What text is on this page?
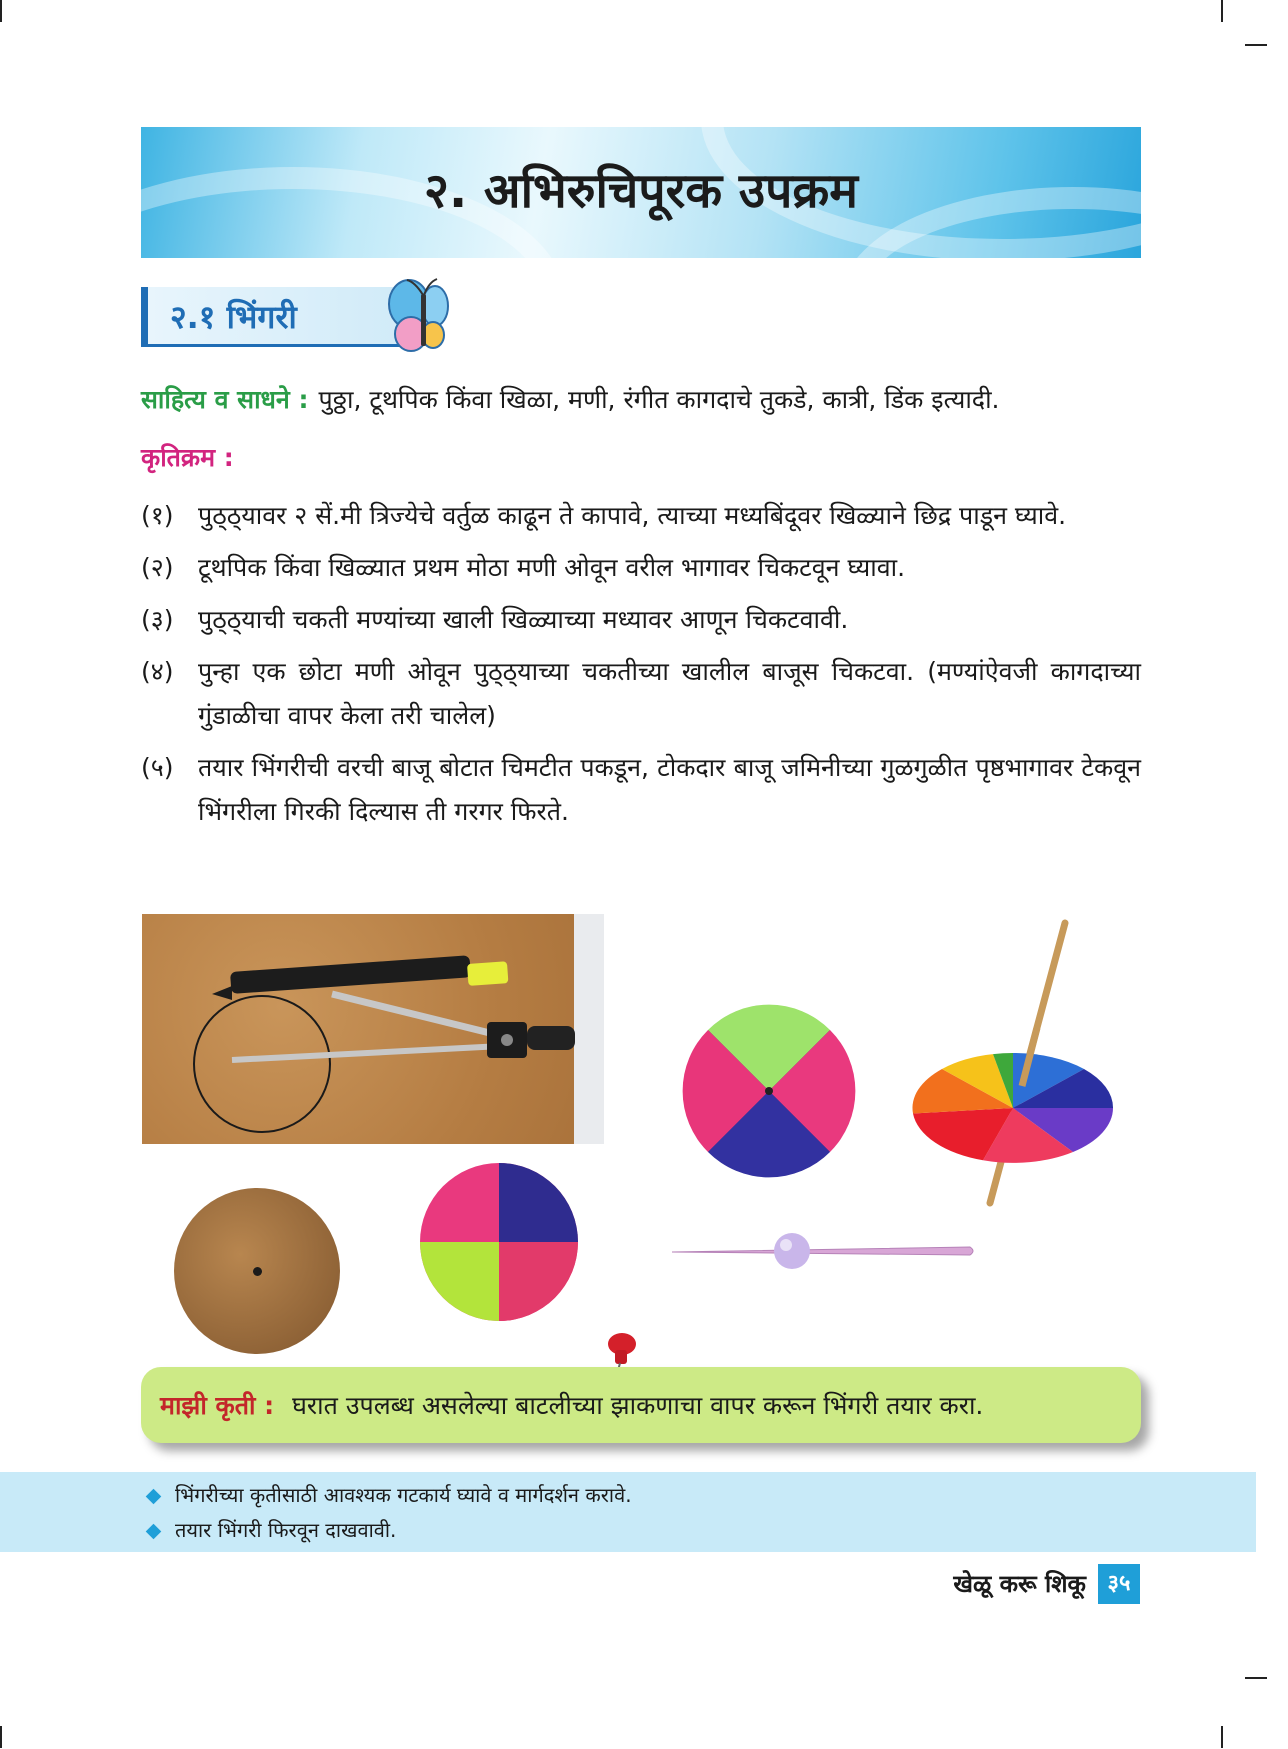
२. अभिरुचिपूरक उपक्रम
२.१ भिंगरी
साहित्य व साधने : पुठ्ठा, टूथपिक किंवा खिळा, मणी, रंगीत कागदाचे तुकडे, कात्री, डिंक इत्यादी.
कृतिक्रम :
(१) पुठ्ठ्यावर २ सें.मी त्रिज्येचे वर्तुळ काढून ते कापावे, त्याच्या मध्यबिंदूवर खिळ्याने छिद्र पाडून घ्यावे.
(२) टूथपिक किंवा खिळ्यात प्रथम मोठा मणी ओवून वरील भागावर चिकटवून घ्यावा.
(३) पुठ्ठ्याची चकती मण्यांच्या खाली खिळ्याच्या मध्यावर आणून चिकटवावी.
(४) पुन्हा एक छोटा मणी ओवून पुठ्ठ्याच्या चकतीच्या खालील बाजूस चिकटवा. (मण्यांऐवजी कागदाच्या गुंडाळीचा वापर केला तरी चालेल)
(५) तयार भिंगरीची वरची बाजू बोटात चिमटीत पकडून, टोकदार बाजू जमिनीच्या गुळगुळीत पृष्ठभागावर टेकवून भिंगरीला गिरकी दिल्यास ती गरगर फिरते.
माझी कृती : घरात उपलब्ध असलेल्या बाटलीच्या झाकणाचा वापर करून भिंगरी तयार करा.
भिंगरीच्या कृतीसाठी आवश्यक गटकार्य घ्यावे व मार्गदर्शन करावे.
तयार भिंगरी फिरवून दाखवावी.
खेळू करू शिकू ३५
